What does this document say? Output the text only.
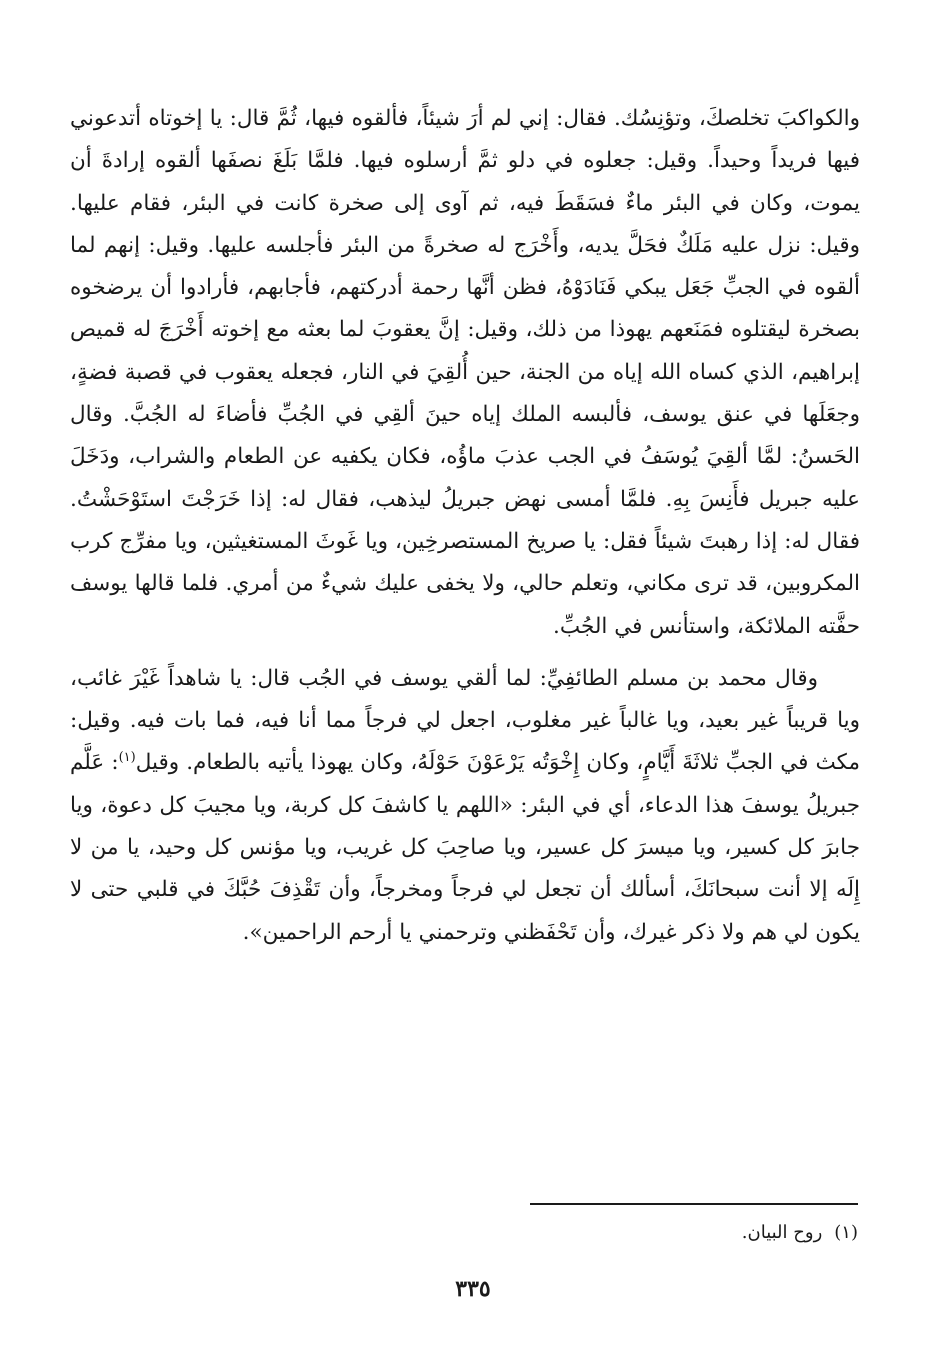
والكواكبَ تخلصكَ، وتؤنِسُك. فقال: إني لم أرَ شيئاً، فألقوه فيها، ثُمَّ قال: يا إخوتاه أتدعوني فيها فريداً وحيداً. وقيل: جعلوه في دلو ثمَّ أرسلوه فيها. فلمَّا بَلَغَ نصفَها ألقوه إرادةَ أن يموت، وكان في البئر ماءٌ فسَقَطَ فيه، ثم آوى إلى صخرة كانت في البئر، فقام عليها. وقيل: نزل عليه مَلَكٌ فحَلَّ يديه، وأَخْرَج له صخرةً من البئر فأجلسه عليها. وقيل: إنهم لما ألقوه في الجبِّ جَعَل يبكي فَنَادَوْهُ، فظن أنَّها رحمة أدركتهم، فأجابهم، فأرادوا أن يرضخوه بصخرة ليقتلوه فمَنَعهم يهوذا من ذلك، وقيل: إنَّ يعقوبَ لما بعثه مع إخوته أَخْرَجَ له قميص إبراهيم، الذي كساه الله إياه من الجنة، حين أُلقِيَ في النار، فجعله يعقوب في قصبة فضةٍ، وجعَلَها في عنق يوسف، فألبسه الملك إياه حينَ ألقِي في الجُبِّ فأضاءَ له الجُبَّ. وقال الحَسنُ: لمَّا ألقِيَ يُوسَفُ في الجب عذبَ ماؤُه، فكان يكفيه عن الطعام والشراب، ودَخَلَ عليه جبريل فأَنِسَ بِهِ. فلمَّا أمسى نهض جبريلُ ليذهب، فقال له: إذا خَرَجْتَ استَوْحَشْتُ. فقال له: إذا رهبتَ شيئاً فقل: يا صريخ المستصرخِين، ويا غَوثَ المستغيثين، ويا مفرِّج كرب المكروبين، قد ترى مكاني، وتعلم حالي، ولا يخفى عليك شيءٌ من أمري. فلما قالها يوسف حفَّته الملائكة، واستأنس في الجُبِّ.

وقال محمد بن مسلم الطائفِيِّ: لما ألقي يوسف في الجُب قال: يا شاهداً غَيْرَ غائب، ويا قريباً غير بعيد، ويا غالباً غير مغلوب، اجعل لي فرجاً مما أنا فيه، فما بات فيه. وقيل: مكث في الجبِّ ثلاثَةَ أَيَّامٍ، وكان إِخْوَتُه يَرْعَوْنَ حَوْلَهُ، وكان يهوذا يأتيه بالطعام. وقيل$^{(١)}$: عَلَّم جبريلُ يوسفَ هذا الدعاء، أي في البئر: «اللهم يا كاشفَ كل كربة، ويا مجيبَ كل دعوة، ويا جابرَ كل كسير، ويا ميسرَ كل عسير، ويا صاحِبَ كل غريب، ويا مؤنس كل وحيد، يا من لا إِلَه إلا أنت سبحانَكَ، أسألك أن تجعل لي فرجاً ومخرجاً، وأن تَقْذِفَ حُبَّكَ في قلبي حتى لا يكون لي هم ولا ذكر غيرك، وأن تَحْفَظني وترحمني يا أرحم الراحمين».

(١)روح البيان.
٣٣٥
